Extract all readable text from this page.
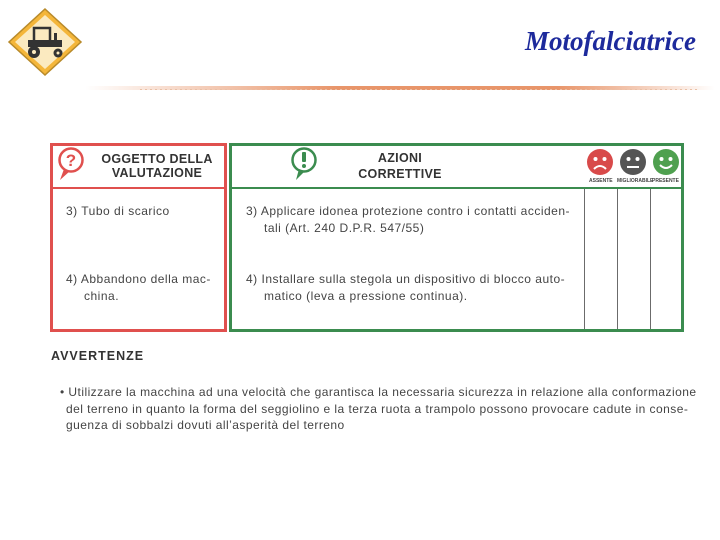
Motofalciatrice
?	OGGETTO DELLA
VALUTAZIONE
AZIONI
CORRETTIVE	ASSENTE MIGLIORABILE
PRESENTE
3) Tubo di scarico
4) Abbandono della mac-
china.
3) Applicare idonea protezione contro i contatti acciden-
tali (Art. 240 D.P.R. 547/55)
4) Installare sulla stegola un dispositivo di blocco auto-
matico (leva a pressione continua).
AVVERTENZE

• Utilizzare la macchina ad una velocità che garantisca la necessaria sicurezza in relazione alla conformazione

del terreno in quanto la forma del seggiolino e la terza ruota a trampolo possono provocare cadute in conse-

guenza di sobbalzi dovuti all’asperità del terreno
